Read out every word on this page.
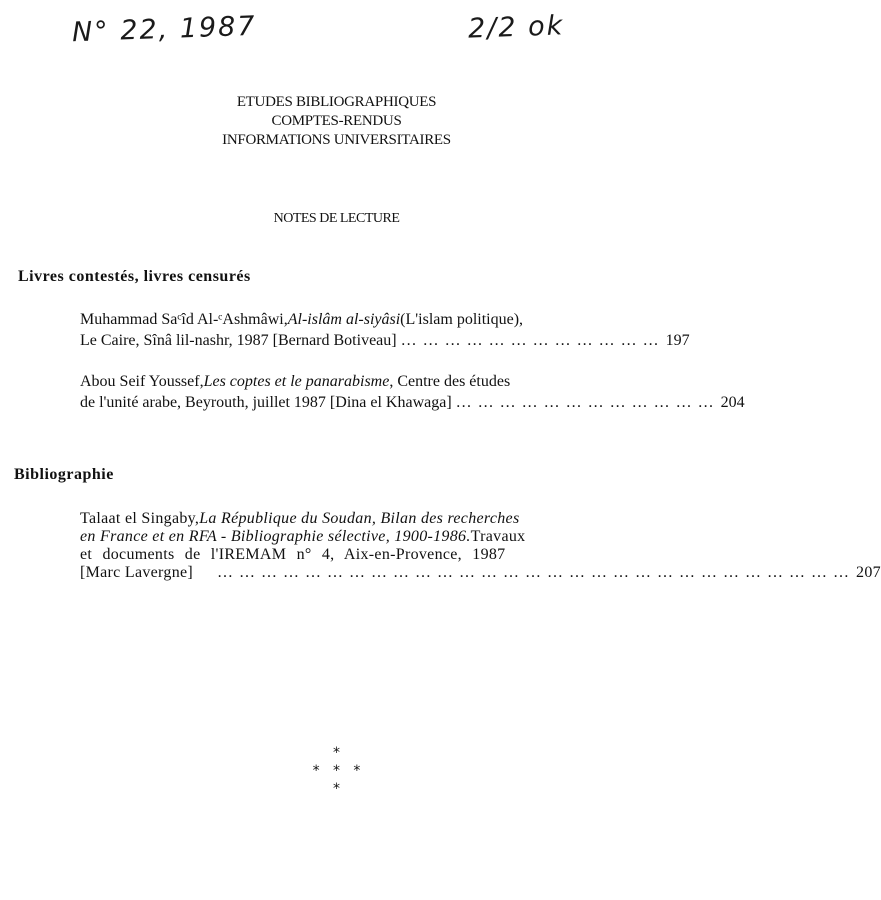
N° 22, 1987	2/2 ok
ETUDES BIBLIOGRAPHIQUES
COMPTES-RENDUS
INFORMATIONS UNIVERSITAIRES
NOTES DE LECTURE
Livres contestés, livres censurés
Muhammad Saᶜîd Al-ᶜAshmâwi, Al-islâm al-siyâsi (L'islam politique),
Le Caire, Sînâ lil-nashr, 1987 [Bernard Botiveau] … … … … … … … … … … … … 197
Abou Seif Youssef, Les coptes et le panarabisme , Centre des études
de l'unité arabe, Beyrouth, juillet 1987 [Dina el Khawaga] … … … … … … … … … … … … 204
Bibliographie
Talaat el Singaby, La République du Soudan, Bilan des recherches
en France et en RFA - Bibliographie sélective, 1900-1986. Travaux
et documents de l'IREMAM n° 4, Aix-en-Provence, 1987
[Marc Lavergne]	… … … … … … … … … … … … … … … … … … … … … … … … … … … … … 207
*
*   *   *
*
